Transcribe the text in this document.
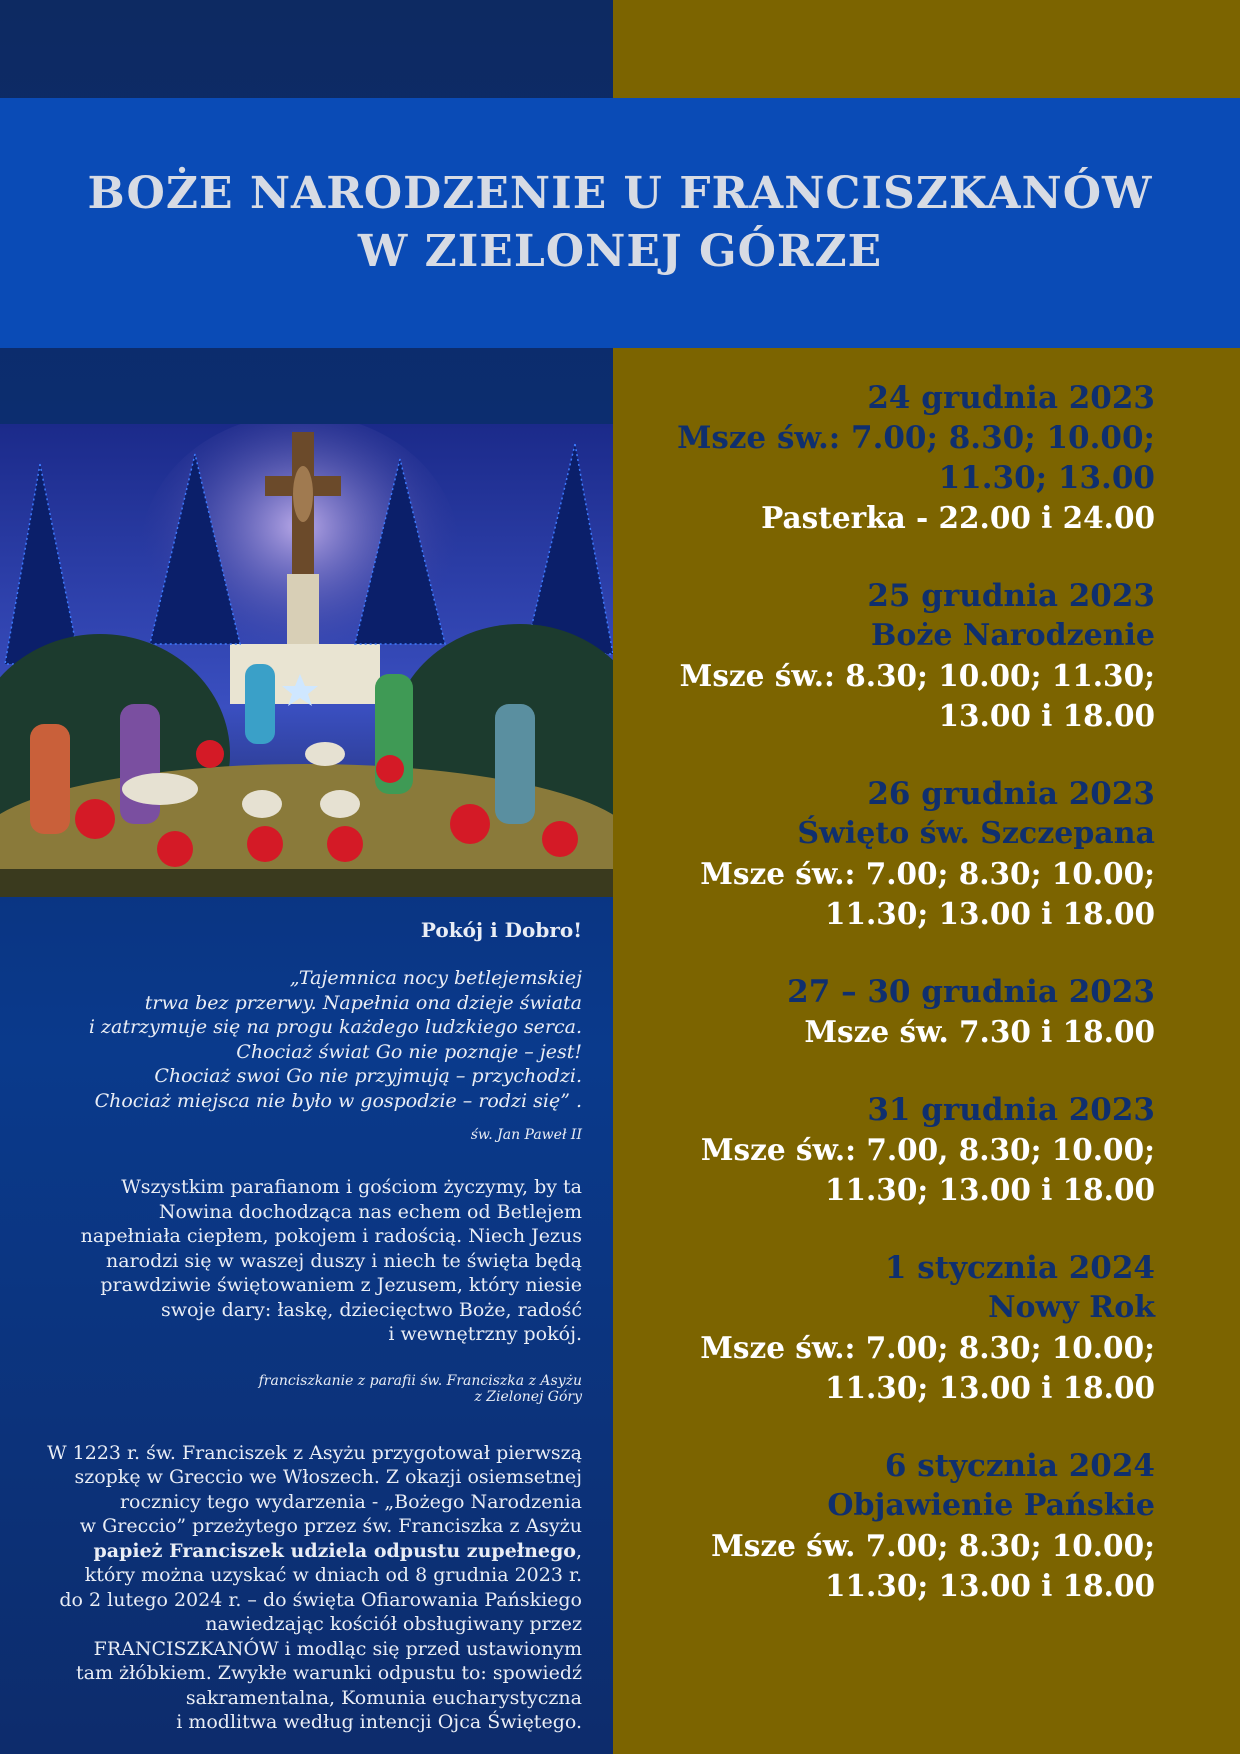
BOŻE NARODZENIE U FRANCISZKANÓW
W ZIELONEJ GÓRZE
Pokój i Dobro!
„Tajemnica nocy betlejemskiej
trwa bez przerwy. Napełnia ona dzieje świata
i zatrzymuje się na progu każdego ludzkiego serca.
Chociaż świat Go nie poznaje – jest!
Chociaż swoi Go nie przyjmują – przychodzi.
Chociaż miejsca nie było w gospodzie – rodzi się” .
św. Jan Paweł II
Wszystkim parafianom i gościom życzymy, by ta
Nowina dochodząca nas echem od Betlejem
napełniała ciepłem, pokojem i radością. Niech Jezus
narodzi się w waszej duszy i niech te święta będą
prawdziwie świętowaniem z Jezusem, który niesie
swoje dary: łaskę, dziecięctwo Boże, radość
i wewnętrzny pokój.
franciszkanie z parafii św. Franciszka z Asyżu
z Zielonej Góry
W 1223 r. św. Franciszek z Asyżu przygotował pierwszą
szopkę w Greccio we Włoszech. Z okazji osiemsetnej
rocznicy tego wydarzenia - „Bożego Narodzenia
w Greccio” przeżytego przez św. Franciszka z Asyżu
papież Franciszek udziela odpustu zupełnego,
który można uzyskać w dniach od 8 grudnia 2023 r.
do 2 lutego 2024 r. – do święta Ofiarowania Pańskiego
nawiedzając kościół obsługiwany przez
FRANCISZKANÓW i modląc się przed ustawionym
tam żłóbkiem. Zwykłe warunki odpustu to: spowiedź
sakramentalna, Komunia eucharystyczna
i modlitwa według intencji Ojca Świętego.
24 grudnia 2023
Msze św.: 7.00; 8.30; 10.00;
11.30; 13.00
Pasterka - 22.00 i 24.00
25 grudnia 2023
Boże Narodzenie
Msze św.: 8.30; 10.00; 11.30;
13.00 i 18.00
26 grudnia 2023
Święto św. Szczepana
Msze św.: 7.00; 8.30; 10.00;
11.30; 13.00 i 18.00
27 – 30 grudnia 2023
Msze św. 7.30 i 18.00
31 grudnia 2023
Msze św.: 7.00, 8.30; 10.00;
11.30; 13.00 i 18.00
1 stycznia 2024
Nowy Rok
Msze św.: 7.00; 8.30; 10.00;
11.30; 13.00 i 18.00
6 stycznia 2024
Objawienie Pańskie
Msze św. 7.00; 8.30; 10.00;
11.30; 13.00 i 18.00
